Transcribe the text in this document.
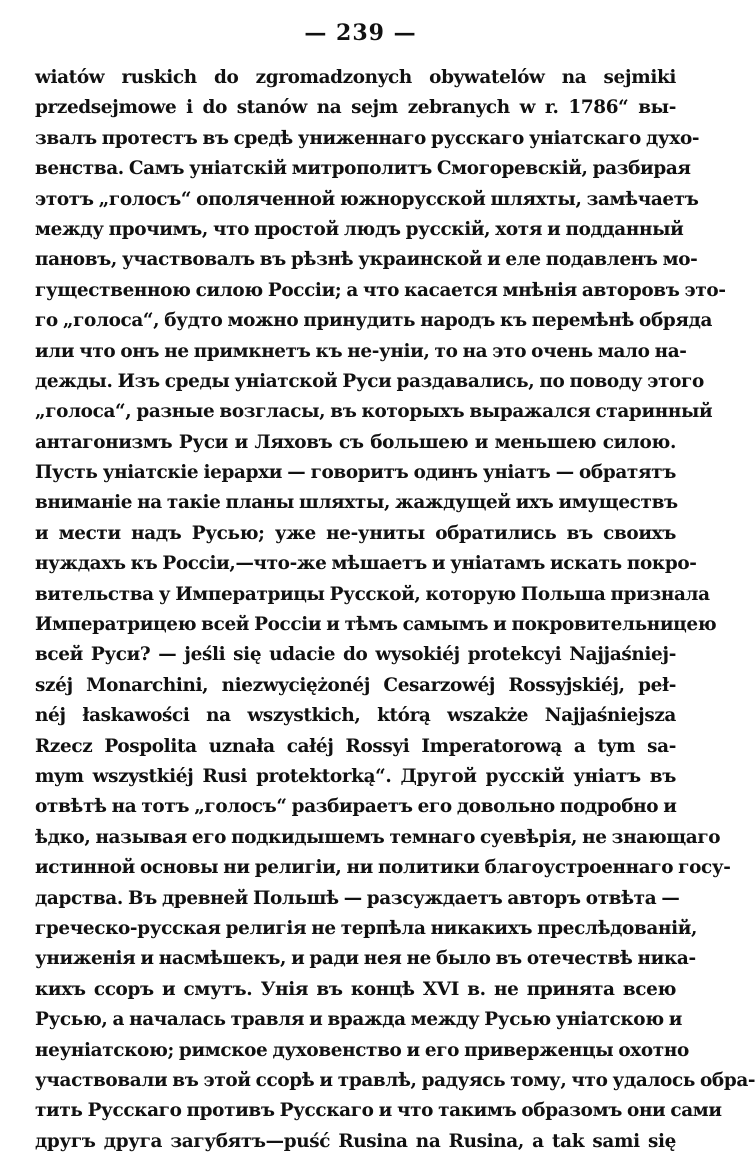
— 239 —
wiatów ruskich do zgromadzonych obywatelów na sejmiki
przedsejmowe i do stanów na sejm zebranych w r. 1786“ вы-
звалъ протестъ въ средѣ униженнаго русскаго уніатскаго духо-
венства. Самъ уніатскій митрополитъ Смогоревскій, разбирая
этотъ „голосъ“ ополяченной южнорусской шляхты, замѣчаетъ
между прочимъ, что простой людъ русскій, хотя и подданный
пановъ, участвовалъ въ рѣзнѣ украинской и еле подавленъ мо-
гущественною силою Россіи; а что касается мнѣнія авторовъ это-
го „голоса“, будто можно принудить народъ къ перемѣнѣ обряда
или что онъ не примкнетъ къ не-уніи, то на это очень мало на-
дежды. Изъ среды уніатской Руси раздавались, по поводу этого
„голоса“, разные возгласы, въ которыхъ выражался старинный
антагонизмъ Руси и Ляховъ съ большею и меньшею силою.
Пусть уніатскіе іерархи — говоритъ одинъ уніатъ — обратятъ
вниманіе на такіе планы шляхты, жаждущей ихъ имуществъ
и мести надъ Русью; уже не-униты обратились въ своихъ
нуждахъ къ Россіи,—что-же мѣшаетъ и уніатамъ искать покро-
вительства у Императрицы Русской, которую Польша признала
Императрицею всей Россіи и тѣмъ самымъ и покровительницею
всей Руси? — jeśli się udacie do wysokiéj protekcyi Najjaśniej-
széj Monarchini, niezwyciężonéj Cesarzowéj Rossyjskiéj, peł-
néj łaskawości na wszystkich, którą wszakże Najjaśniejsza
Rzecz Pospolita uznała całéj Rossyi Imperatorową a tym sa-
mym wszystkiéj Rusi protektorką“. Другой русскій уніатъ въ
отвѣтѣ на тотъ „голосъ“ разбираетъ его довольно подробно и
ѣдко, называя его подкидышемъ темнаго суевѣрія, не знающаго
истинной основы ни религіи, ни политики благоустроеннаго госу-
дарства. Въ древней Польшѣ — разсуждаетъ авторъ отвѣта —
греческо-русская религія не терпѣла никакихъ преслѣдованій,
униженія и насмѣшекъ, и ради нея не было въ отечествѣ ника-
кихъ ссоръ и смутъ. Унія въ концѣ XVI в. не принята всею
Русью, а началась травля и вражда между Русью уніатскою и
неуніатскою; римское духовенство и его приверженцы охотно
участвовали въ этой ссорѣ и травлѣ, радуясь тому, что удалось обра-
тить Русскаго противъ Русскаго и что такимъ образомъ они сами
другъ друга загубятъ—puść Rusina na Rusina, a tak sami się
